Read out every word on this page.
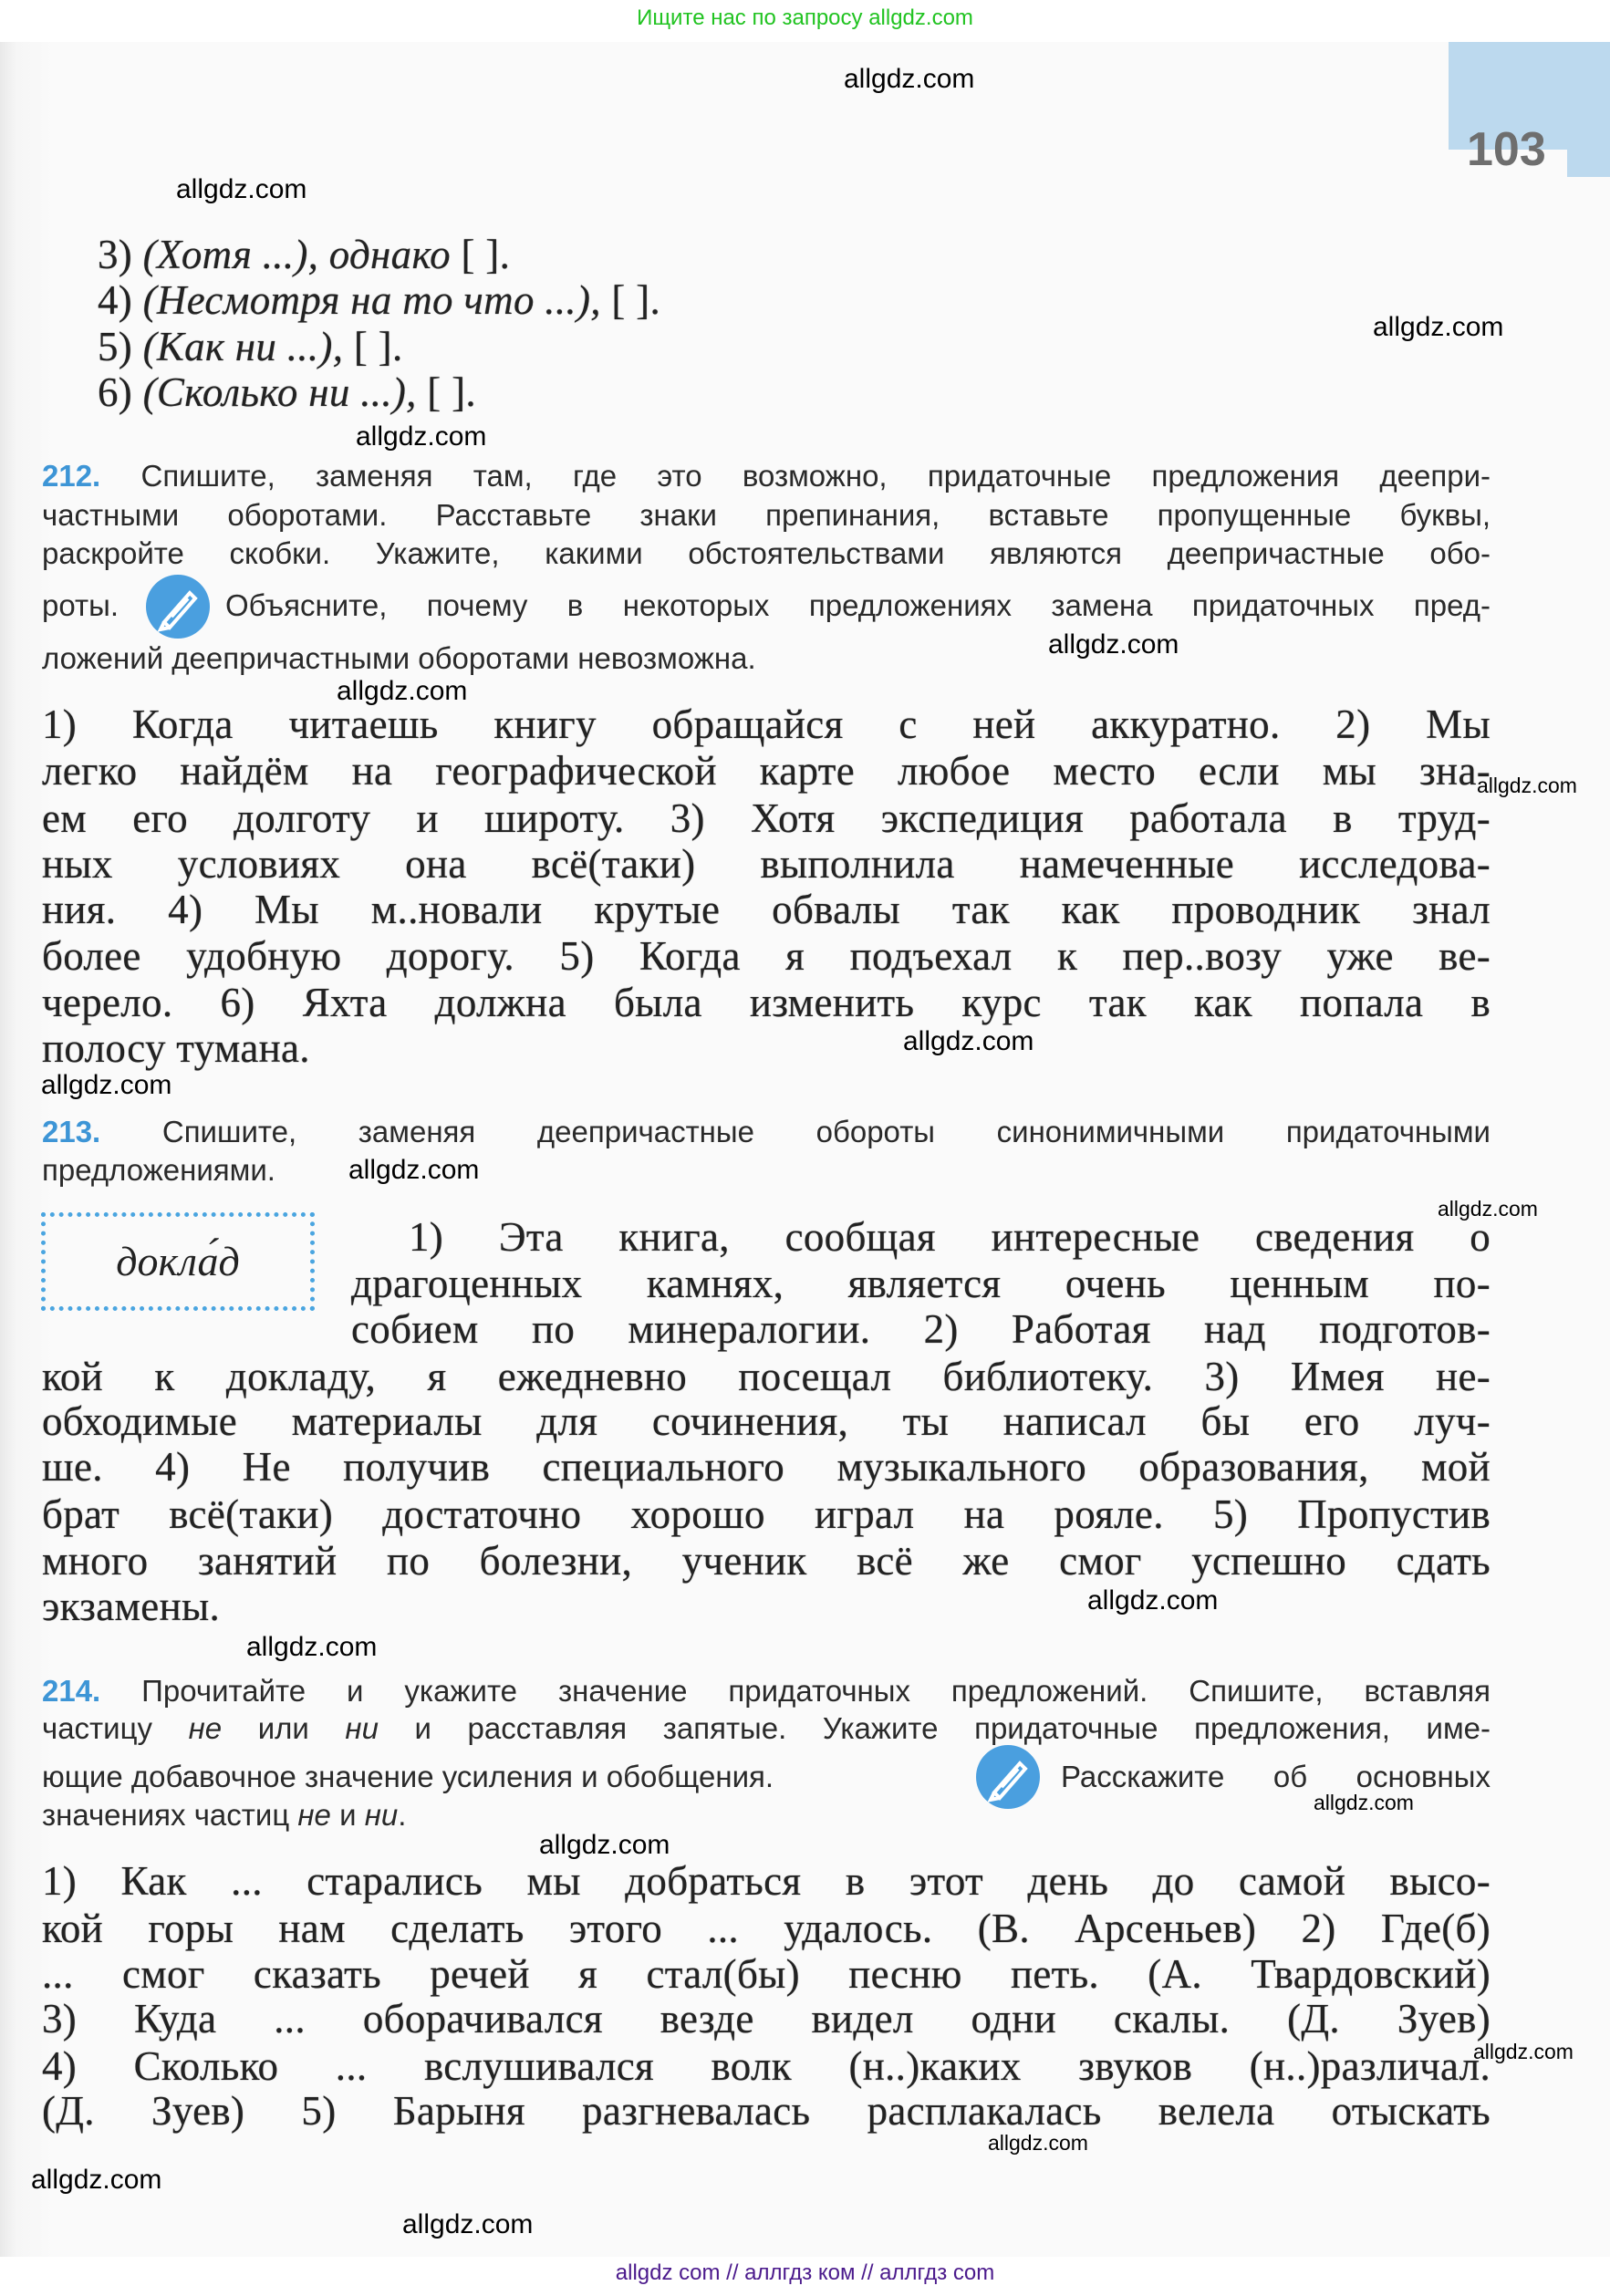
Ищите нас по запросу allgdz.com
103
3) (Хотя ...), однако [ ].
4) (Несмотря на то что ...), [ ].
5) (Как ни ...), [ ].
6) (Сколько ни ...), [ ].
212. Спишите, заменяя там, где это возможно, придаточные предложения деепри-
частными оборотами. Расставьте знаки препинания, вставьте пропущенные буквы,
раскройте скобки. Укажите, какими обстоятельствами являются деепричастные обо-
роты.	Объясните, почему в некоторых предложениях замена придаточных пред-
ложений деепричастными оборотами невозможна.
1) Когда читаешь книгу обращайся с ней аккуратно. 2) Мы
легко найдём на географической карте любое место если мы зна-
ем его долготу и широту. 3) Хотя экспедиция работала в труд-
ных условиях она всё(таки) выполнила намеченные исследова-
ния. 4) Мы м..новали крутые обвалы так как проводник знал
более удобную дорогу. 5) Когда я подъехал к пер..возу уже ве-
черело. 6) Яхта должна была изменить курс так как попала в
полосу тумана.
213. Спишите, заменяя деепричастные обороты синонимичными придаточными
предложениями.
докла́д
1) Эта книга, сообщая интересные сведения о
драгоценных камнях, является очень ценным по-
собием по минералогии. 2) Работая над подготов-
кой к докладу, я ежедневно посещал библиотеку. 3) Имея не-
обходимые материалы для сочинения, ты написал бы его луч-
ше. 4) Не получив специального музыкального образования, мой
брат всё(таки) достаточно хорошо играл на рояле. 5) Пропустив
много занятий по болезни, ученик всё же смог успешно сдать
экзамены.
214. Прочитайте и укажите значение придаточных предложений. Спишите, вставляя
частицу не или ни и расставляя запятые. Укажите придаточные предложения, име-
ющие добавочное значение усиления и обобщения.	Расскажите об основных
значениях частиц не и ни.
1) Как ... старались мы добраться в этот день до самой высо-
кой горы нам сделать этого ... удалось. (В. Арсеньев) 2) Где(б)
... смог сказать речей я стал(бы) песню петь. (А. Твардовский)
3) Куда ... оборачивался везде видел одни скалы. (Д. Зуев)
4) Сколько ... вслушивался волк (н..)каких звуков (н..)различал.
(Д. Зуев) 5) Барыня разгневалась расплакалась велела отыскать
allgdz.com
allgdz.com
allgdz.com
allgdz.com
allgdz.com
allgdz.com
allgdz.com
allgdz.com
allgdz.com
allgdz.com
allgdz.com
allgdz.com
allgdz.com
allgdz.com
allgdz.com
allgdz.com
allgdz.com
allgdz.com
allgdz.com
allgdz com // аллгдз ком // аллгдз com
